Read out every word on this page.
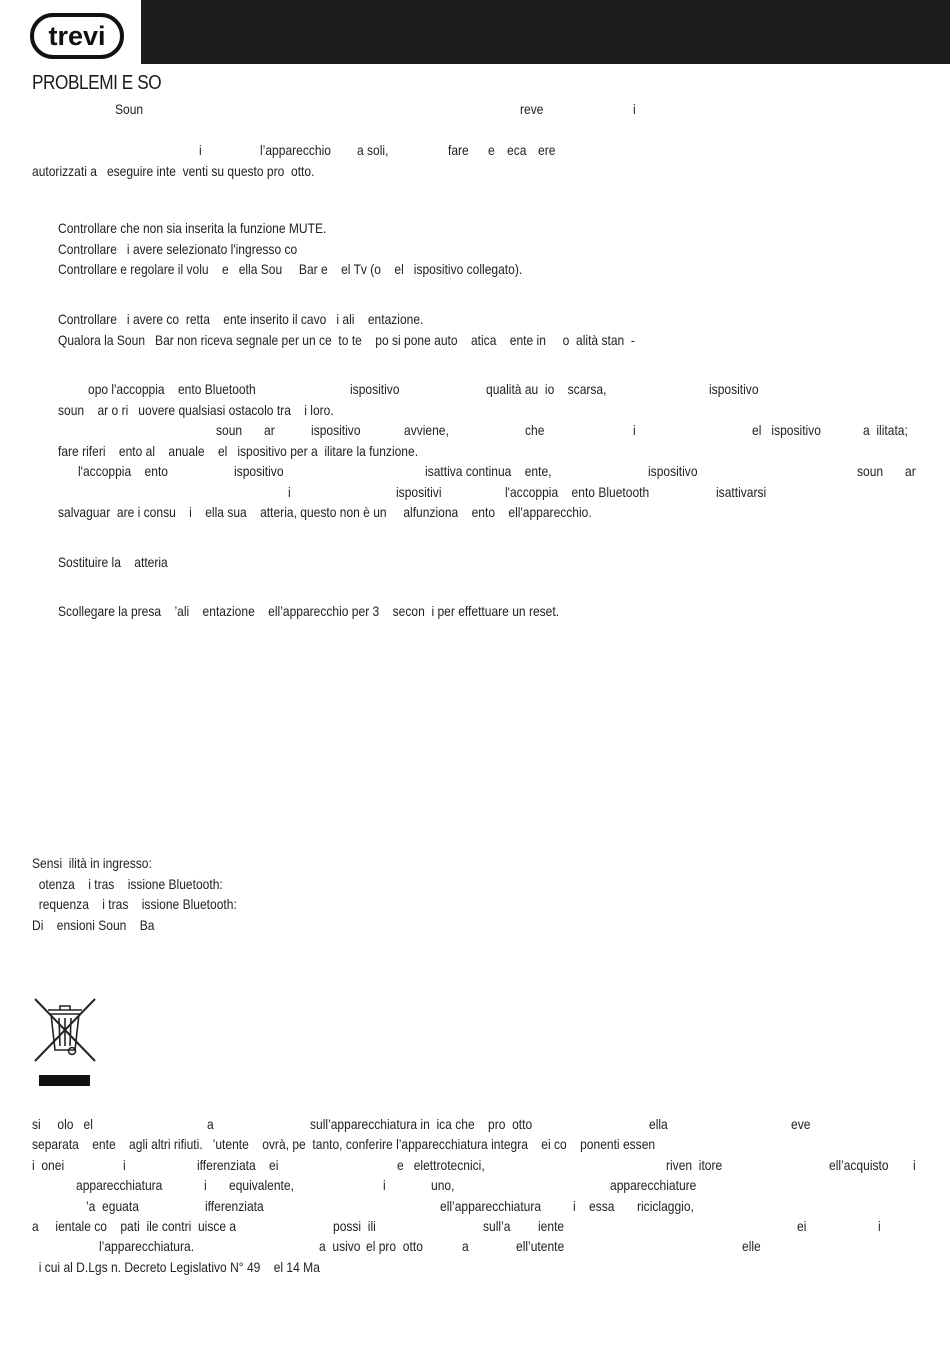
trevi
PROBLEMI E SO
Soun	reve	i
i	l’apparecchio a soli,	fare e eca ere
autorizzati a   eseguire inte  venti su questo pro  otto.
Controllare che non sia inserita la funzione MUTE.
Controllare   i avere selezionato l'ingresso co
Controllare e regolare il volu    e   ella Sou     Bar e    el Tv (o    el   ispositivo collegato).
Controllare   i avere co  retta    ente inserito il cavo   i ali    entazione.
Qualora la Soun   Bar non riceva segnale per un ce  to te    po si pone auto    atica    ente in     o  alità stan  -
opo l'accoppia    ento Bluetooth	ispositivo	qualità au  io    scarsa,	ispositivo
soun    ar o ri   uovere qualsiasi ostacolo tra    i loro.
soun ar	ispositivo	avviene,	che	i	el   ispositivo	a  ilitata;
fare riferi    ento al    anuale    el   ispositivo per a  ilitare la funzione.
l'accoppia    ento	ispositivo	isattiva continua    ente,	ispositivo	soun ar
i	ispositivi	l'accoppia    ento Bluetooth	isattivarsi
salvaguar  are i consu    i    ella sua    atteria, questo non è un     alfunziona    ento    ell'apparecchio.
Sostituire la    atteria
Scollegare la presa    ’ali    entazione    ell’apparecchio per 3    secon  i per effettuare un reset.
Sensi  ilità in ingresso:
otenza    i tras    issione Bluetooth:
requenza    i tras    issione Bluetooth:
Di    ensioni Soun    Ba
si     olo   el	a	sull’apparecchiatura in  ica che    pro  otto	ella	eve
separata    ente    agli altri rifiuti.   ’utente    ovrà, pe  tanto, conferire l’apparecchiatura integra    ei co    ponenti essen
i  onei	i	ifferenziata    ei	e   elettrotecnici,	riven  itore	ell’acquisto i
apparecchiatura	i equivalente,	i	uno,	apparecchiature
’a  eguata	ifferenziata	ell’apparecchiatura i essa riciclaggio,
a     ientale co    pati  ile contri  uisce a	possi  ili	sull’a iente	ei	i
l’apparecchiatura.	a  usivo el pro  otto	a	ell’utente	elle
i cui al D.Lgs n. Decreto Legislativo N° 49    el 14 Ma
